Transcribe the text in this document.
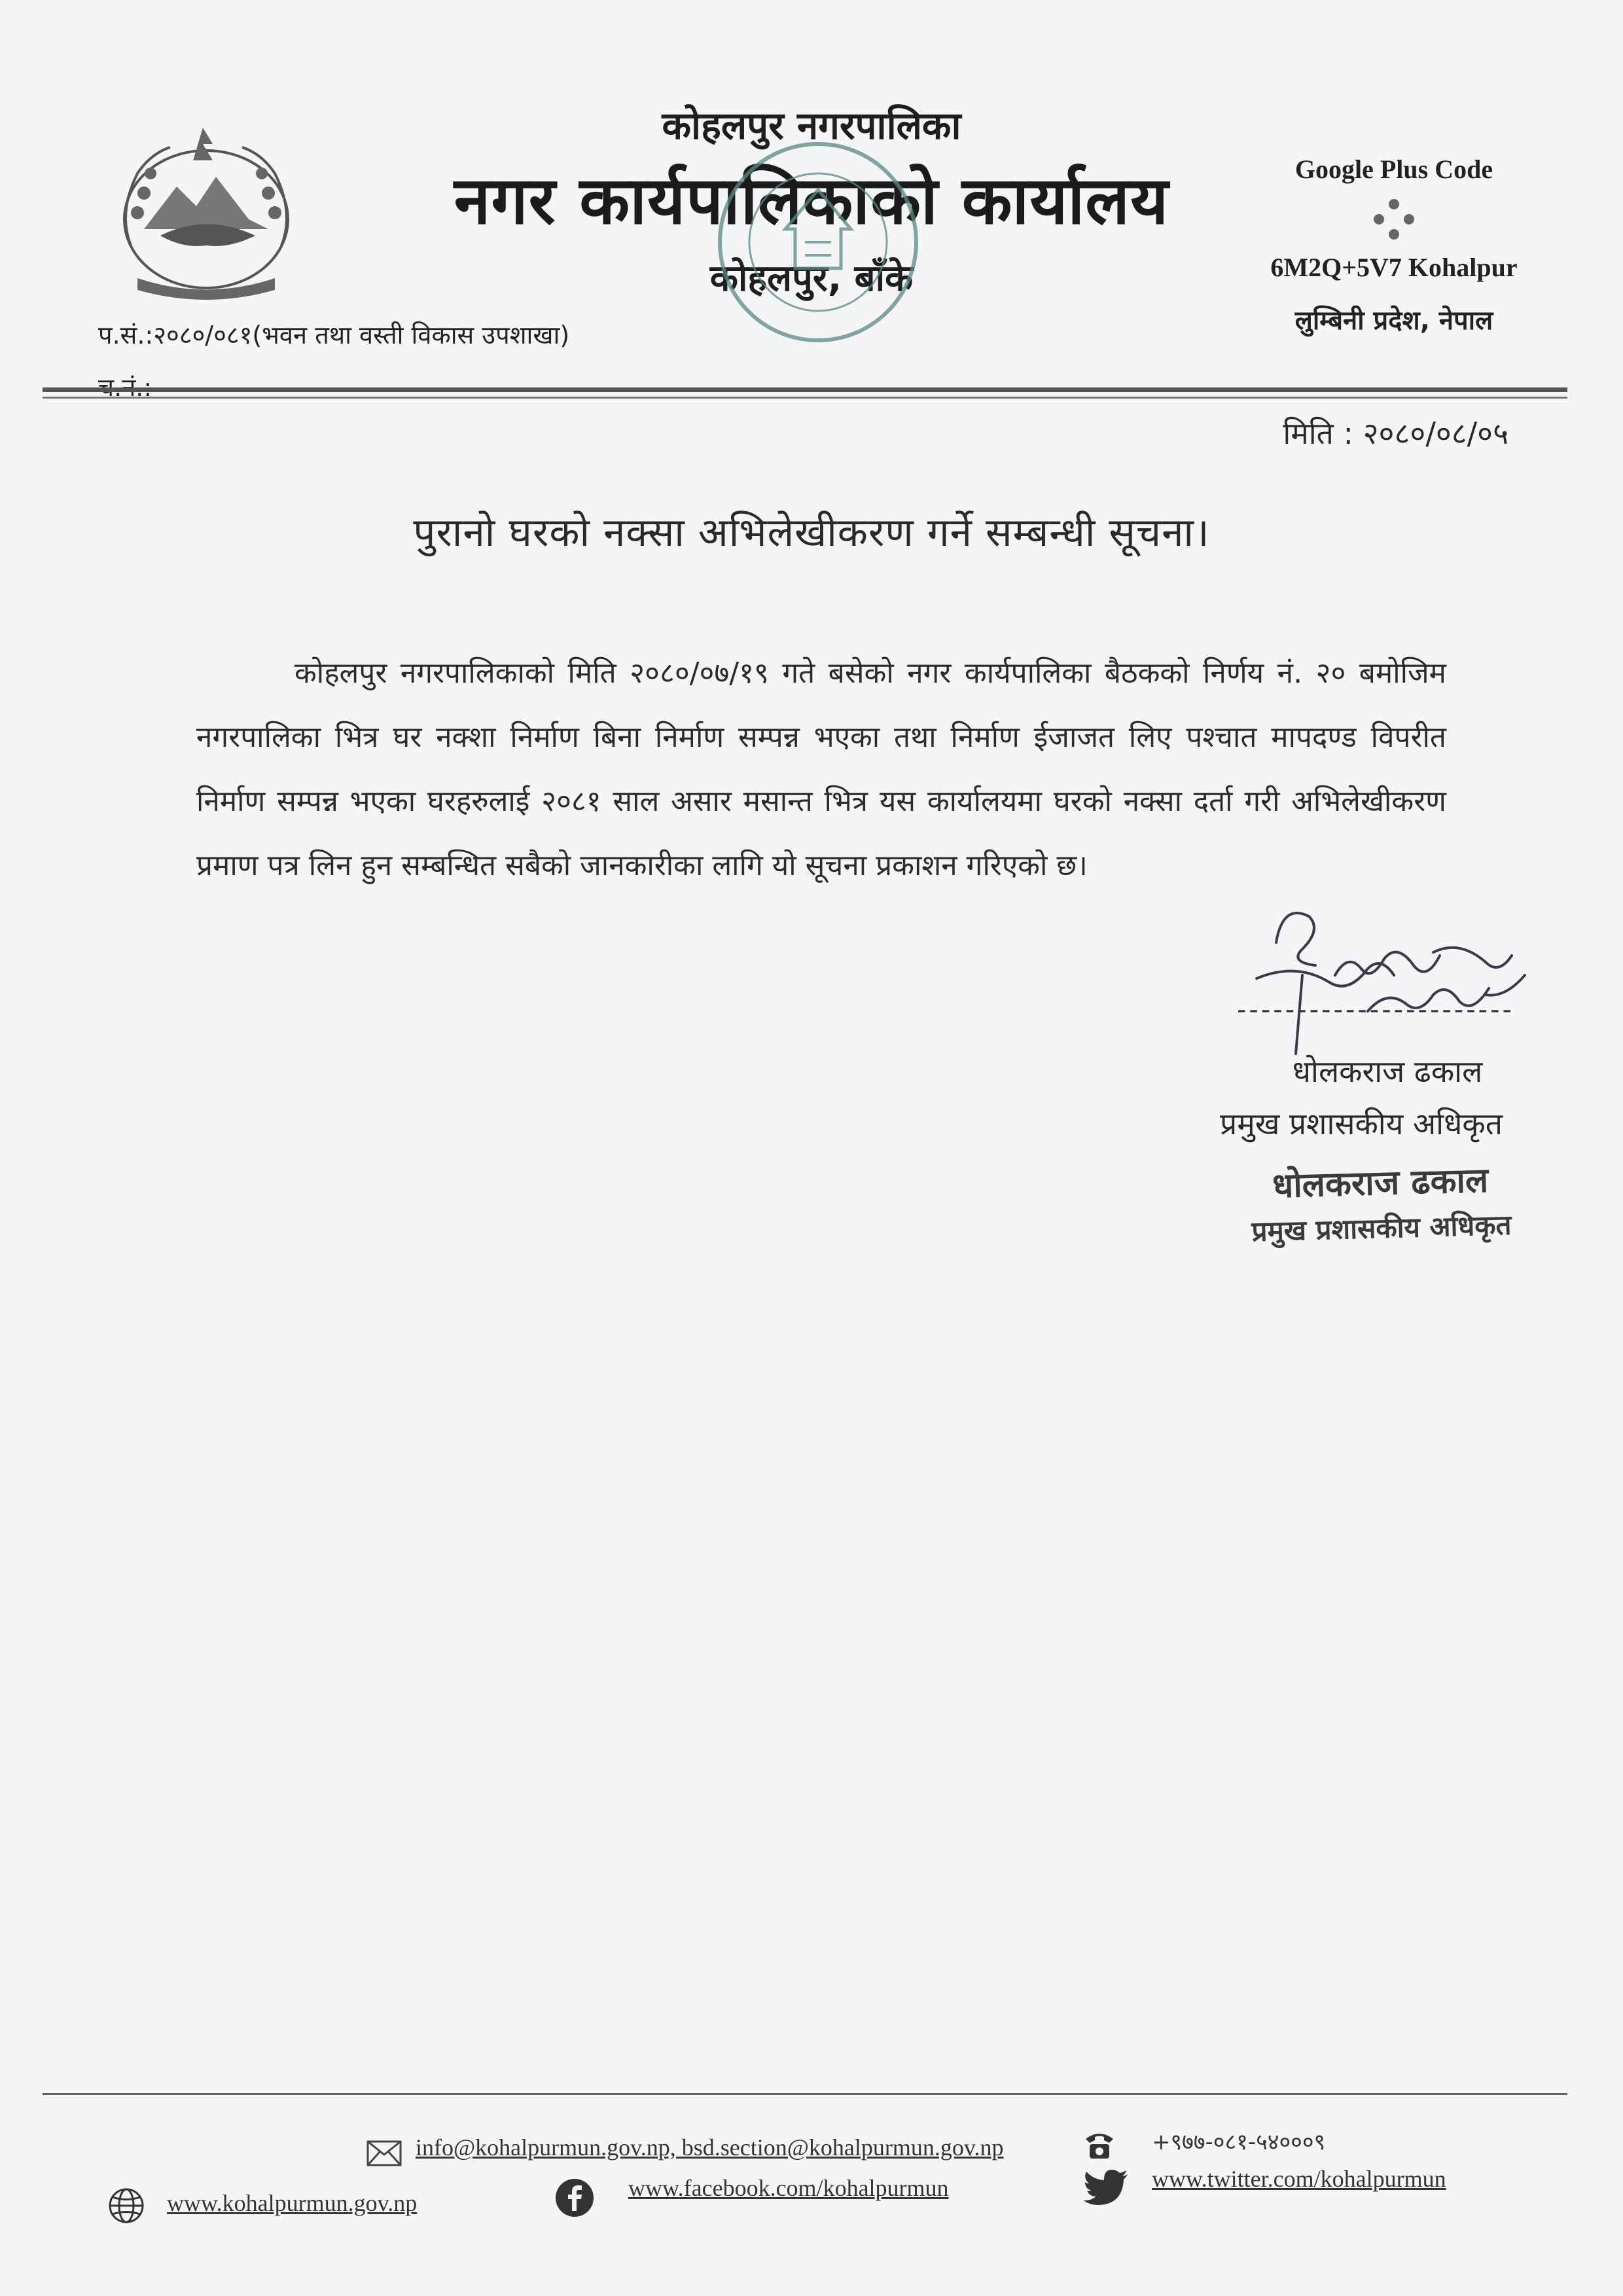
कोहलपुर नगरपालिका
नगर कार्यपालिकाको कार्यालय
कोहलपुर, बाँके
Google Plus Code
6M2Q+5V7 Kohalpur
लुम्बिनी प्रदेश, नेपाल
प.सं.:२०८०/०८१(भवन तथा वस्ती विकास उपशाखा)
मिति : २०८०/०८/०५
पुरानो घरको नक्सा अभिलेखीकरण गर्ने सम्बन्धी सूचना।

कोहलपुर नगरपालिकाको मिति २०८०/०७/१९ गते बसेको नगर कार्यपालिका बैठकको निर्णय नं. २० बमोजिम नगरपालिका भित्र घर नक्शा निर्माण बिना निर्माण सम्पन्न भएका तथा निर्माण ईजाजत लिए पश्चात मापदण्ड विपरीत निर्माण सम्पन्न भएका घरहरुलाई २०८१ साल असार मसान्त भित्र यस कार्यालयमा घरको नक्सा दर्ता गरी अभिलेखीकरण प्रमाण पत्र लिन हुन सम्बन्धित सबैको जानकारीका लागि यो सूचना प्रकाशन गरिएको छ।

-----------------------
धोलकराज ढकाल
प्रमुख प्रशासकीय अधिकृत
धोलकराज ढकाल
प्रमुख प्रशासकीय अधिकृत
info@kohalpurmun.gov.np, bsd.section@kohalpurmun.gov.np	+९७७-०८१-५४०००९
www.kohalpurmun.gov.np
www.facebook.com/kohalpurmun	www.twitter.com/kohalpurmun
